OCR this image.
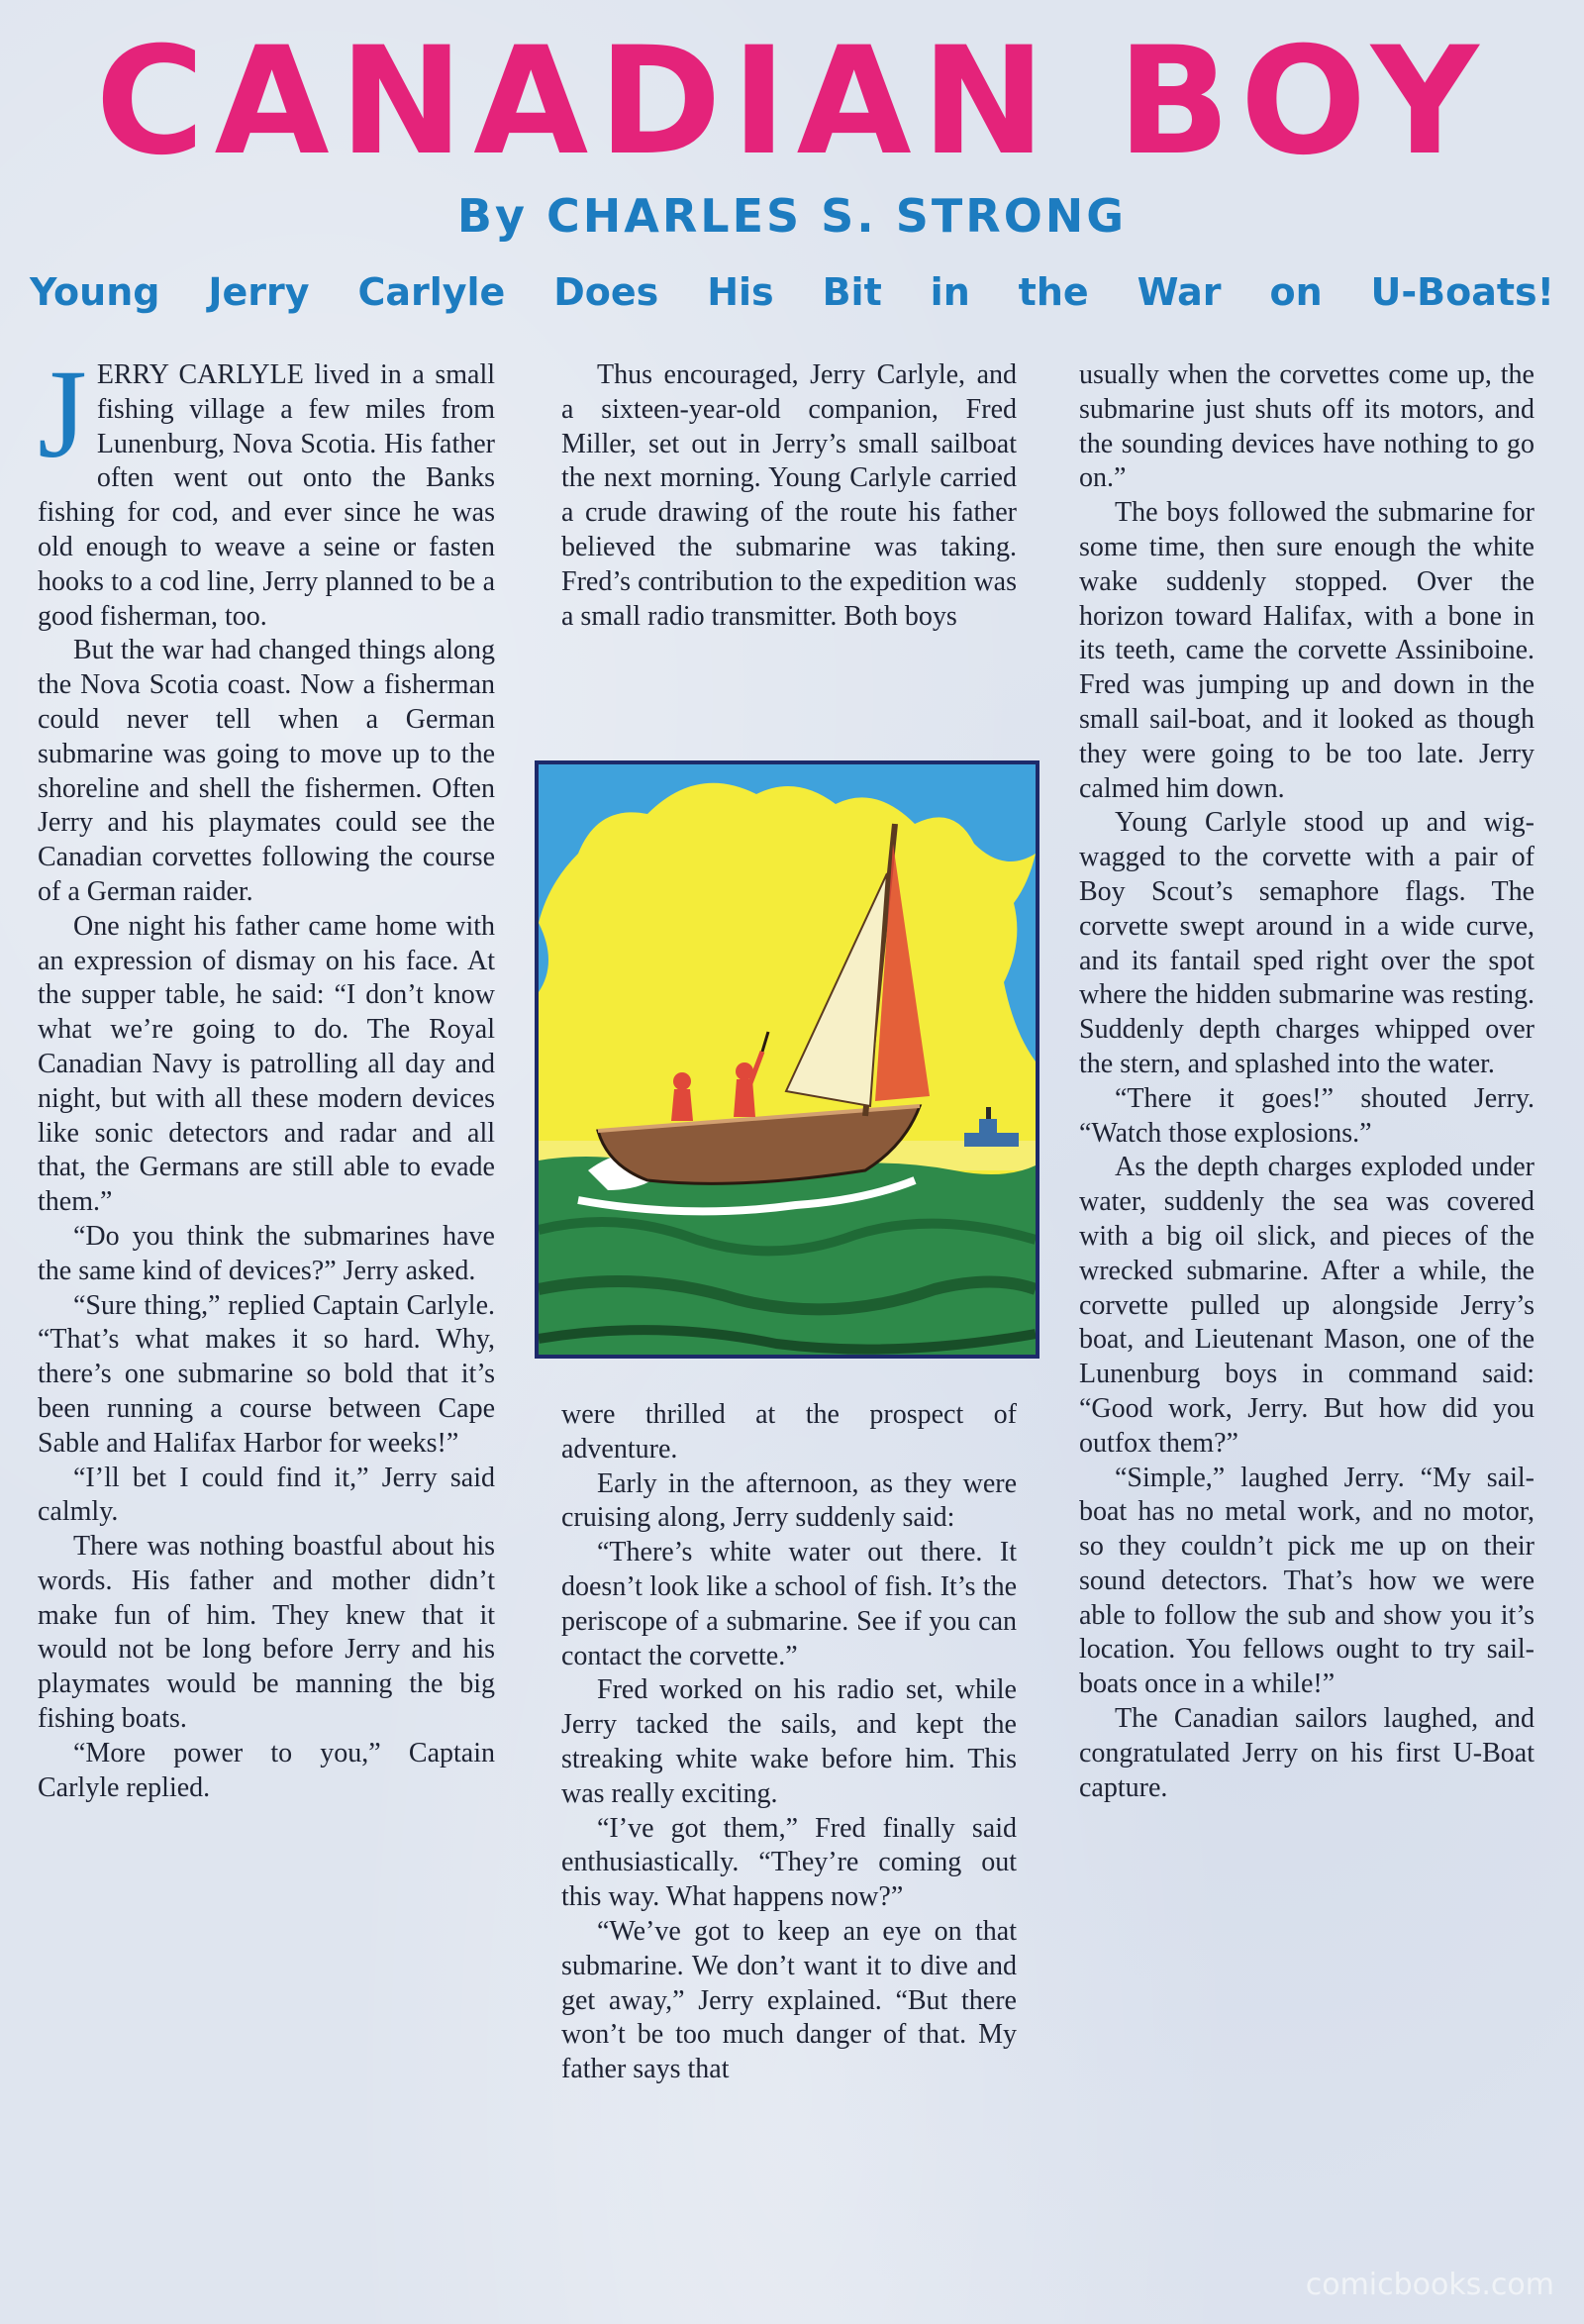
CANADIAN BOY
By CHARLES S. STRONG
Young Jerry Carlyle Does His Bit in the War on U-Boats!

JERRY CARLYLE lived in a small fishing village a few miles from Lunenburg, Nova Scotia. His father often went out onto the Banks fishing for cod, and ever since he was old enough to weave a seine or fasten hooks to a cod line, Jerry planned to be a good fisherman, too.

But the war had changed things along the Nova Scotia coast. Now a fisherman could never tell when a German submarine was going to move up to the shoreline and shell the fishermen. Often Jerry and his playmates could see the Canadian corvettes following the course of a German raider.

One night his father came home with an expression of dismay on his face. At the supper table, he said: “I don’t know what we’re going to do. The Royal Canadian Navy is patrolling all day and night, but with all these modern devices like sonic detectors and radar and all that, the Germans are still able to evade them.”

“Do you think the submarines have the same kind of devices?” Jerry asked.

“Sure thing,” replied Captain Carlyle. “That’s what makes it so hard. Why, there’s one submarine so bold that it’s been running a course between Cape Sable and Halifax Harbor for weeks!”

“I’ll bet I could find it,” Jerry said calmly.

There was nothing boastful about his words. His father and mother didn’t make fun of him. They knew that it would not be long before Jerry and his playmates would be manning the big fishing boats.

“More power to you,” Captain Carlyle replied.

Thus encouraged, Jerry Carlyle, and a sixteen-year-old companion, Fred Miller, set out in Jerry’s small sailboat the next morning. Young Carlyle carried a crude drawing of the route his father believed the submarine was taking. Fred’s contribution to the expedition was a small radio transmitter. Both boys

were thrilled at the prospect of adventure.

Early in the afternoon, as they were cruising along, Jerry suddenly said:

“There’s white water out there. It doesn’t look like a school of fish. It’s the periscope of a submarine. See if you can contact the corvette.”

Fred worked on his radio set, while Jerry tacked the sails, and kept the streaking white wake before him. This was really exciting.

“I’ve got them,” Fred finally said enthusiastically. “They’re coming out this way. What happens now?”

“We’ve got to keep an eye on that submarine. We don’t want it to dive and get away,” Jerry explained. “But there won’t be too much danger of that. My father says that

usually when the corvettes come up, the submarine just shuts off its motors, and the sounding devices have nothing to go on.”

The boys followed the submarine for some time, then sure enough the white wake suddenly stopped. Over the horizon toward Halifax, with a bone in its teeth, came the corvette Assiniboine. Fred was jumping up and down in the small sail-boat, and it looked as though they were going to be too late. Jerry calmed him down.

Young Carlyle stood up and wig-wagged to the corvette with a pair of Boy Scout’s semaphore flags. The corvette swept around in a wide curve, and its fantail sped right over the spot where the hidden submarine was resting. Suddenly depth charges whipped over the stern, and splashed into the water.

“There it goes!” shouted Jerry. “Watch those explosions.”

As the depth charges exploded under water, suddenly the sea was covered with a big oil slick, and pieces of the wrecked submarine. After a while, the corvette pulled up alongside Jerry’s boat, and Lieutenant Mason, one of the Lunenburg boys in command said: “Good work, Jerry. But how did you outfox them?”

“Simple,” laughed Jerry. “My sail-boat has no metal work, and no motor, so they couldn’t pick me up on their sound detectors. That’s how we were able to follow the sub and show you it’s location. You fellows ought to try sail-boats once in a while!”

The Canadian sailors laughed, and congratulated Jerry on his first U-Boat capture.

comicbooks.com
